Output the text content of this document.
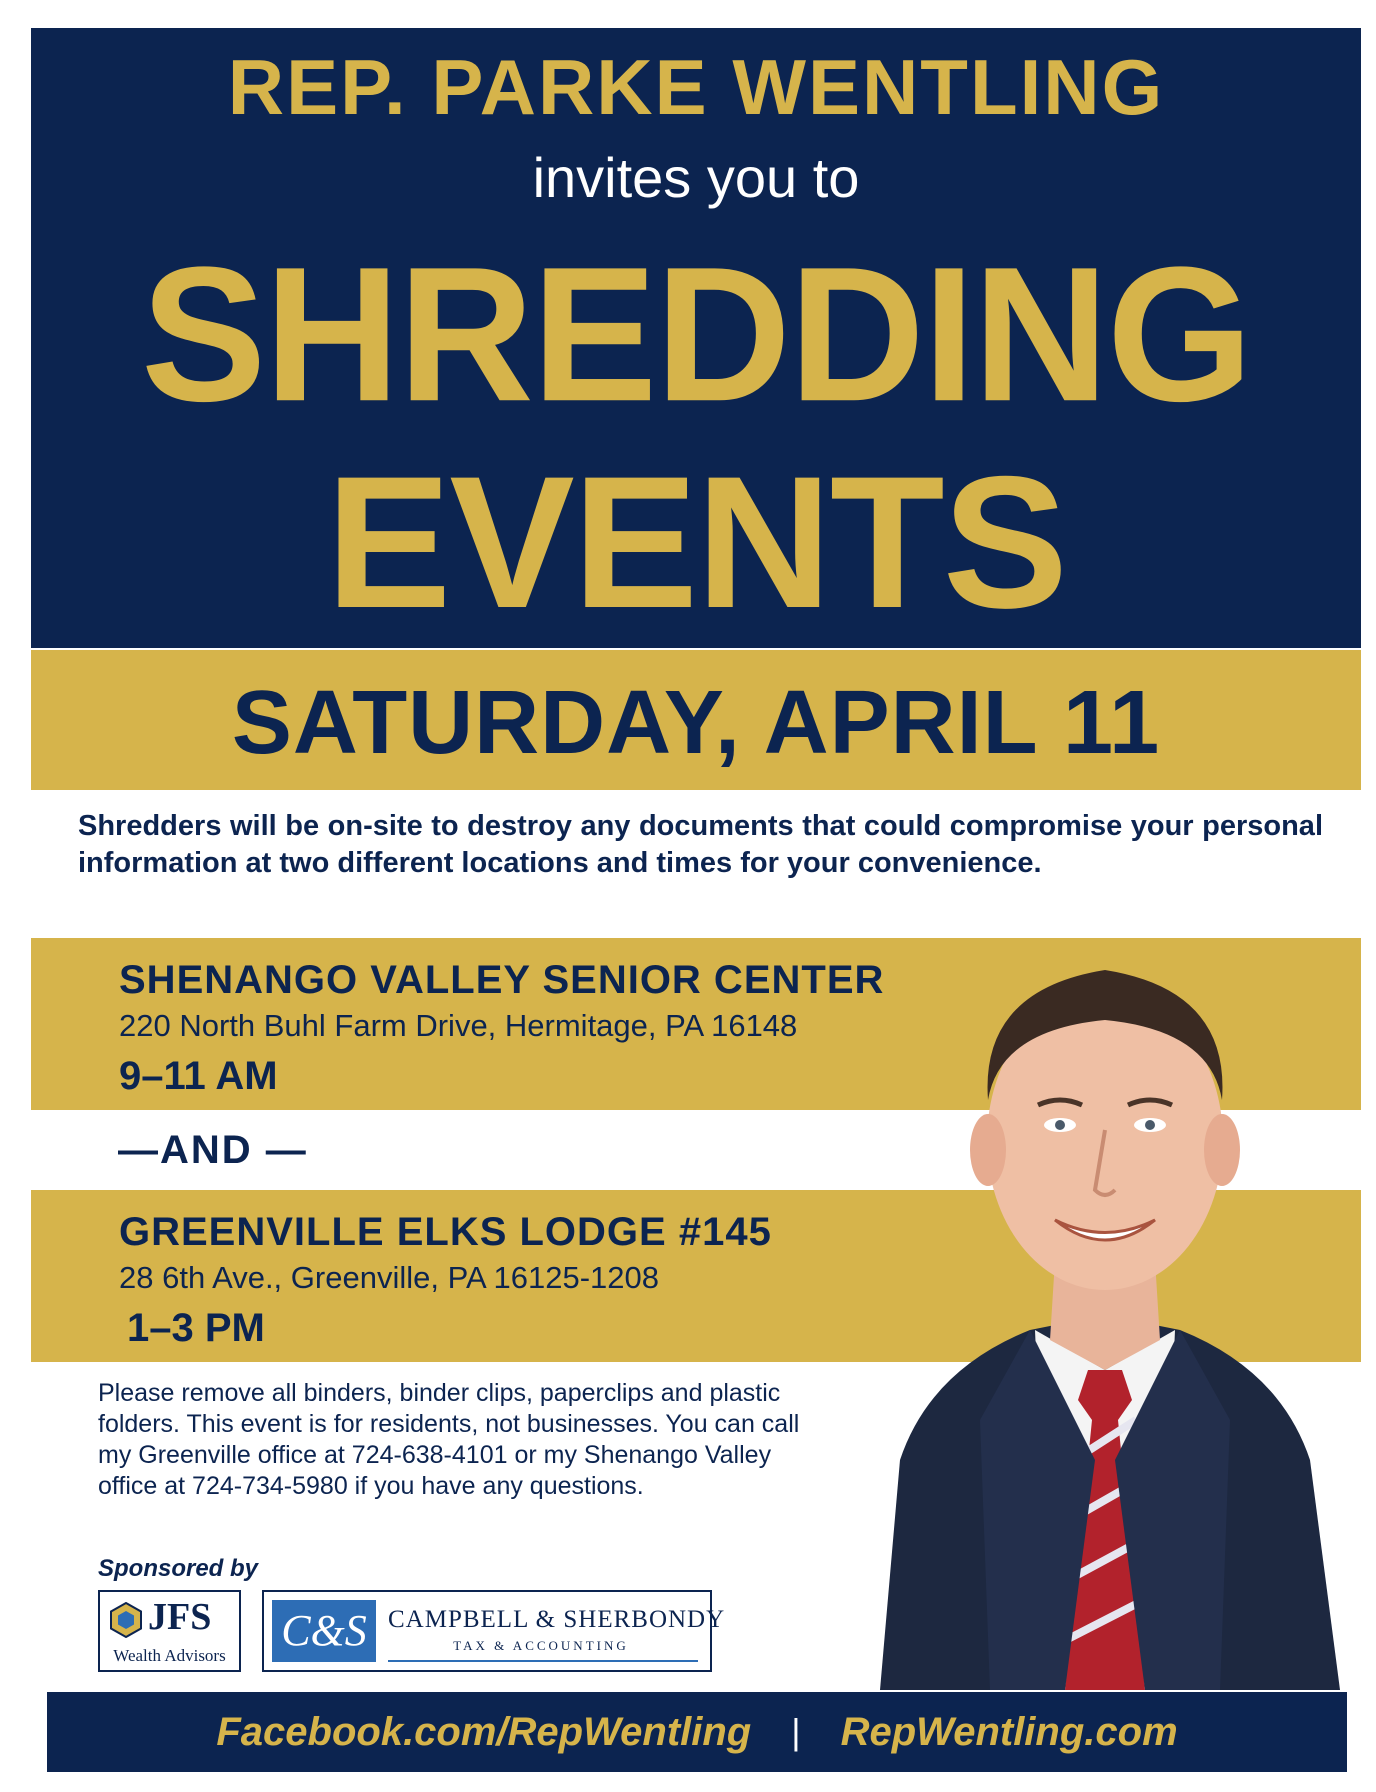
REP. PARKE WENTLING
invites you to
SHREDDING
EVENTS
SATURDAY, APRIL 11
Shredders will be on-site to destroy any documents that could compromise your personal information at two different locations and times for your convenience.
SHENANGO VALLEY SENIOR CENTER
220 North Buhl Farm Drive, Hermitage, PA 16148
9–11 AM
—AND —
GREENVILLE ELKS LODGE #145
28 6th Ave., Greenville, PA 16125-1208
1–3 PM
Please remove all binders, binder clips, paperclips and plastic folders. This event is for residents, not businesses. You can call my Greenville office at 724-638-4101 or my Shenango Valley office at 724-734-5980 if you have any questions.
Sponsored by
JFS
Wealth Advisors
C&S CAMPBELL & SHERBONDY
TAX & ACCOUNTING
Facebook.com/RepWentling | RepWentling.com
